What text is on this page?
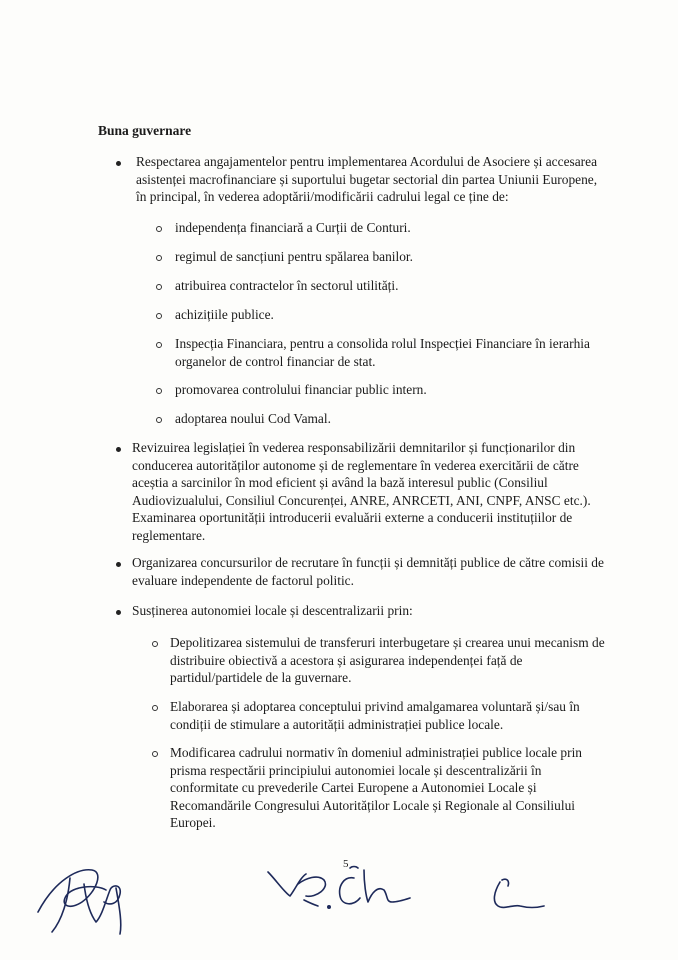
Buna guvernare
Respectarea angajamentelor pentru implementarea Acordului de Asociere și accesarea asistenței macrofinanciare și suportului bugetar sectorial din partea Uniunii Europene, în principal, în vederea adoptării/modificării cadrului legal ce ține de:
independența financiară a Curții de Conturi.
regimul de sancțiuni pentru spălarea banilor.
atribuirea contractelor în sectorul utilități.
achizițiile publice.
Inspecția Financiara, pentru a consolida rolul Inspecției Financiare în ierarhia organelor de control financiar de stat.
promovarea controlului financiar public intern.
adoptarea noului Cod Vamal.
Revizuirea legislației în vederea responsabilizării demnitarilor și funcționarilor din conducerea autorităților autonome și de reglementare în vederea exercitării de către aceștia a sarcinilor în mod eficient și având la bază interesul public (Consiliul Audiovizualului, Consiliul Concurenței, ANRE, ANRCETI, ANI, CNPF, ANSC etc.). Examinarea oportunității introducerii evaluării externe a conducerii instituțiilor de reglementare.
Organizarea concursurilor de recrutare în funcții și demnități publice de către comisii de evaluare independente de factorul politic.
Susținerea autonomiei locale și descentralizarii prin:
Depolitizarea sistemului de transferuri interbugetare și crearea unui mecanism de distribuire obiectivă a acestora și asigurarea independenței față de partidul/partidele de la guvernare.
Elaborarea și adoptarea conceptului privind amalgamarea voluntară și/sau în condiții de stimulare a autorității administrației publice locale.
Modificarea cadrului normativ în domeniul administrației publice locale prin prisma respectării principiului autonomiei locale și descentralizării în conformitate cu prevederile Cartei Europene a Autonomiei Locale și Recomandările Congresului Autorităților Locale și Regionale al Consiliului Europei.
5
